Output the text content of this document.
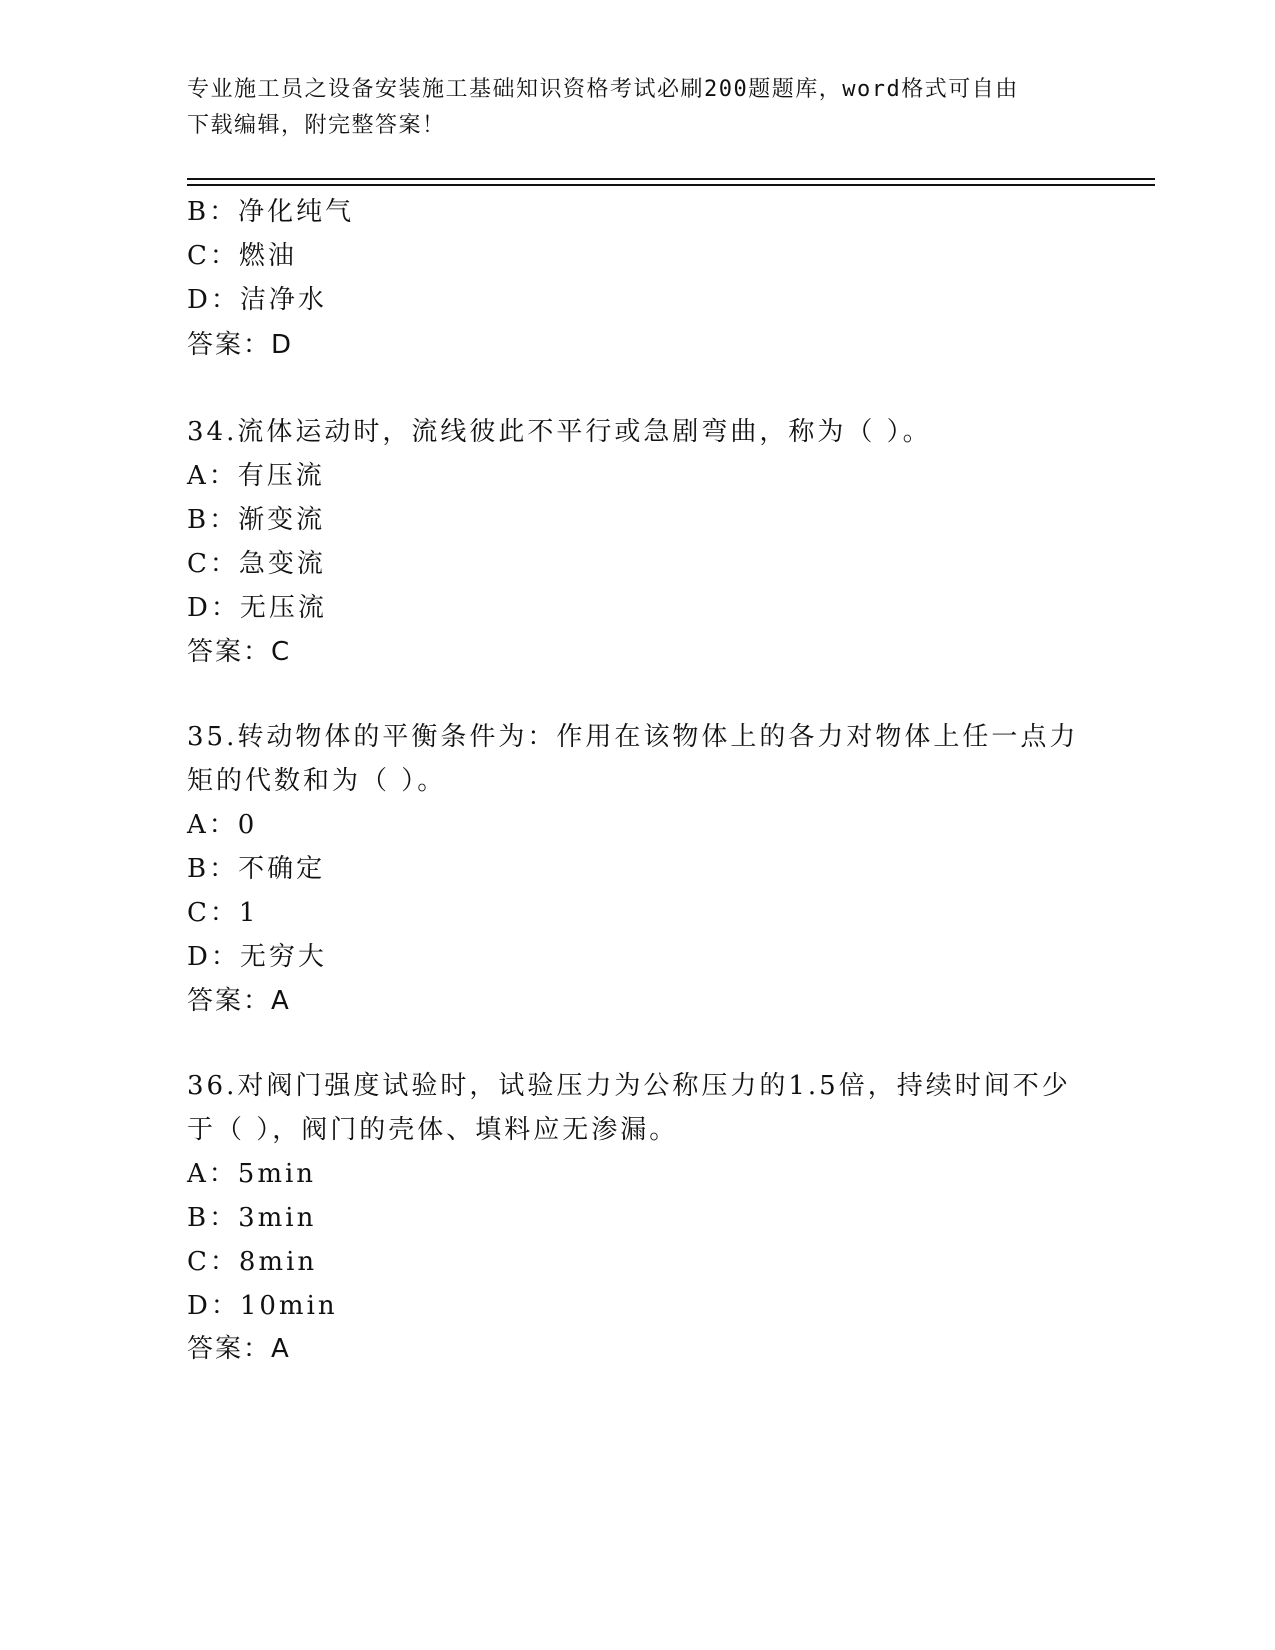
专业施工员之设备安装施工基础知识资格考试必刷200题题库，word格式可自由
下载编辑，附完整答案！
B：净化纯气
C：燃油
D：洁净水
答案：D
34.流体运动时，流线彼此不平行或急剧弯曲，称为（ ）。
A：有压流
B：渐变流
C：急变流
D：无压流
答案：C
35.转动物体的平衡条件为：作用在该物体上的各力对物体上任一点力
矩的代数和为（ ）。
A：0
B：不确定
C：1
D：无穷大
答案：A
36.对阀门强度试验时，试验压力为公称压力的1.5倍，持续时间不少
于（ ），阀门的壳体、填料应无渗漏。
A：5min
B：3min
C：8min
D：10min
答案：A
